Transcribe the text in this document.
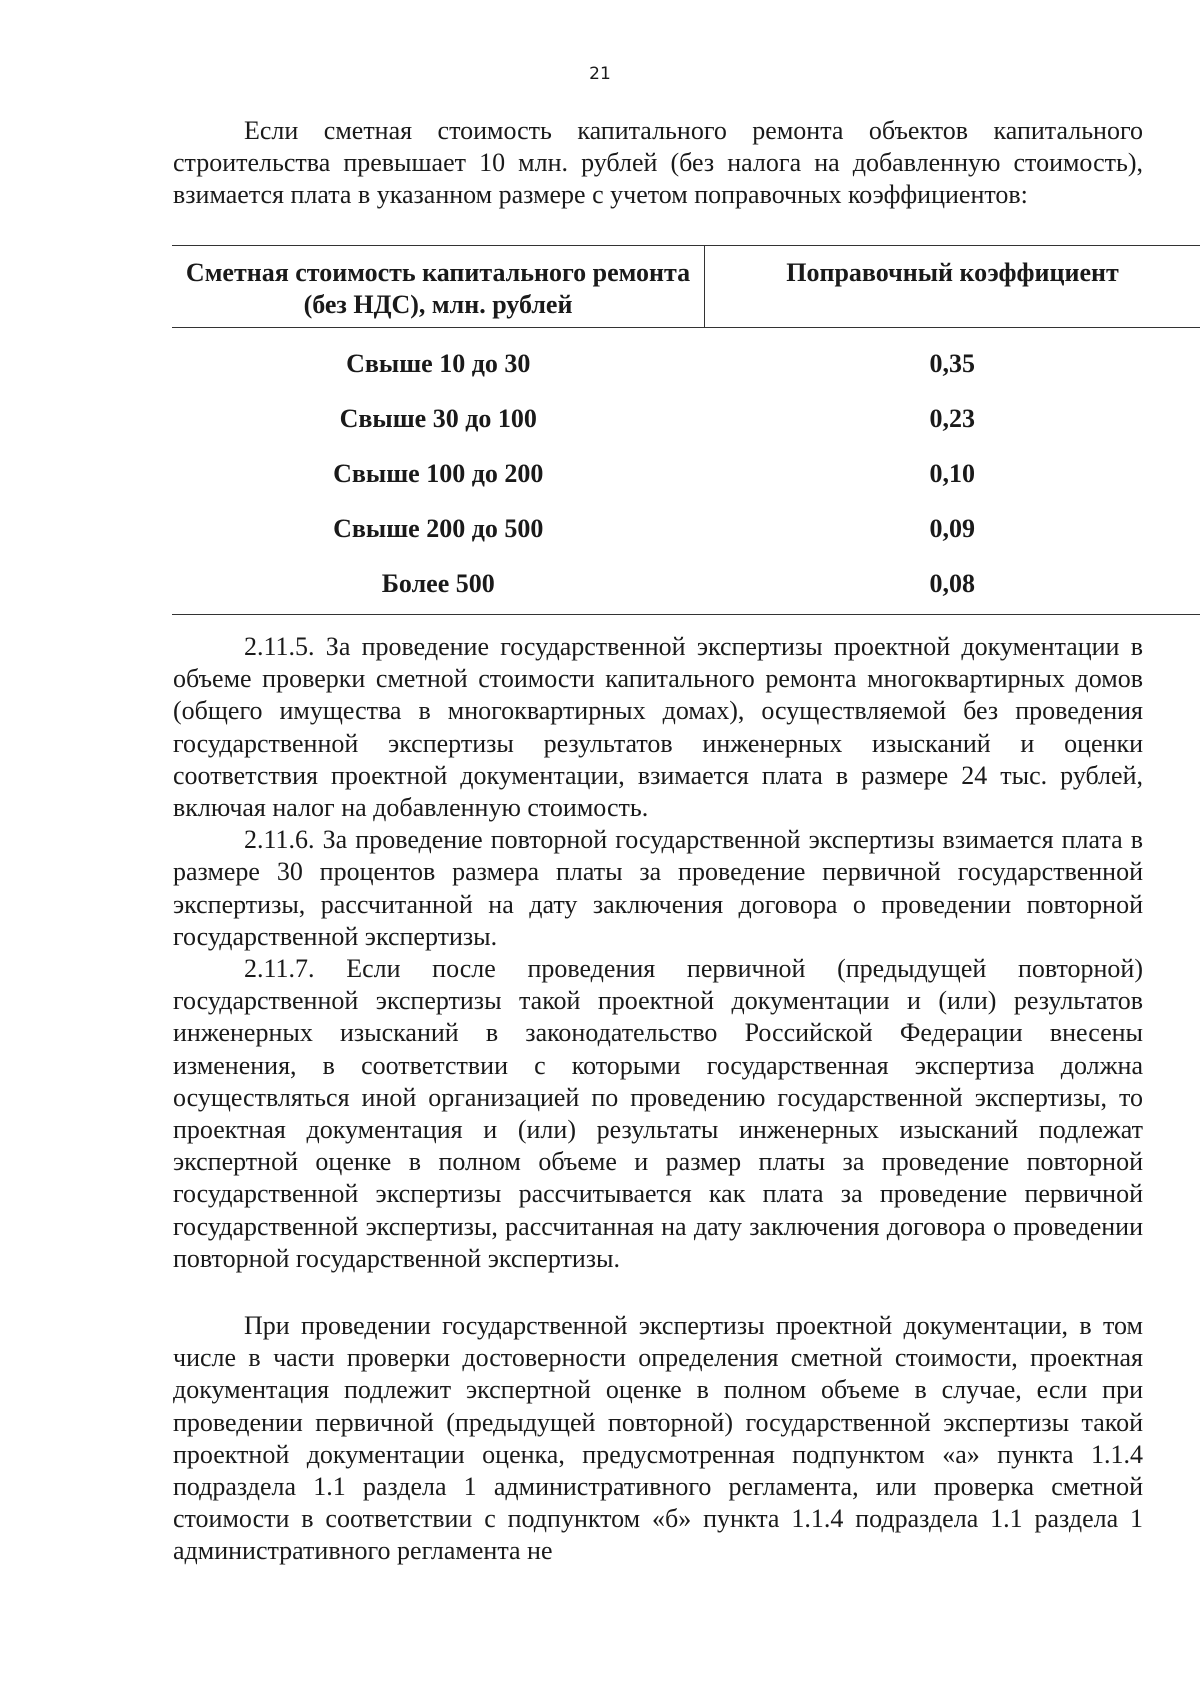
21

Если сметная стоимость капитального ремонта объектов капитального строительства превышает 10 млн. рублей (без налога на добавленную стоимость), взимается плата в указанном размере с учетом поправочных коэффициентов:

Сметная стоимость капитального ремонта (без НДС), млн. рублей	Поправочный коэффициент
Свыше 10 до 30	0,35
Свыше 30 до 100	0,23
Свыше 100 до 200	0,10
Свыше 200 до 500	0,09
Более 500	0,08

2.11.5. За проведение государственной экспертизы проектной документации в объеме проверки сметной стоимости капитального ремонта многоквартирных домов (общего имущества в многоквартирных домах), осуществляемой без проведения государственной экспертизы результатов инженерных изысканий и оценки соответствия проектной документации, взимается плата в размере 24 тыс. рублей, включая налог на добавленную стоимость.

2.11.6. За проведение повторной государственной экспертизы взимается плата в размере 30 процентов размера платы за проведение первичной государственной экспертизы, рассчитанной на дату заключения договора о проведении повторной государственной экспертизы.

2.11.7. Если после проведения первичной (предыдущей повторной) государственной экспертизы такой проектной документации и (или) результатов инженерных изысканий в законодательство Российской Федерации внесены изменения, в соответствии с которыми государственная экспертиза должна осуществляться иной организацией по проведению государственной экспертизы, то проектная документация и (или) результаты инженерных изысканий подлежат экспертной оценке в полном объеме и размер платы за проведение повторной государственной экспертизы рассчитывается как плата за проведение первичной государственной экспертизы, рассчитанная на дату заключения договора о проведении повторной государственной экспертизы.

При проведении государственной экспертизы проектной документации, в том числе в части проверки достоверности определения сметной стоимости, проектная документация подлежит экспертной оценке в полном объеме в случае, если при проведении первичной (предыдущей повторной) государственной экспертизы такой проектной документации оценка, предусмотренная подпунктом «а» пункта 1.1.4 подраздела 1.1 раздела 1 административного регламента, или проверка сметной стоимости в соответствии с подпунктом «б» пункта 1.1.4 подраздела 1.1 раздела 1 административного регламента не
